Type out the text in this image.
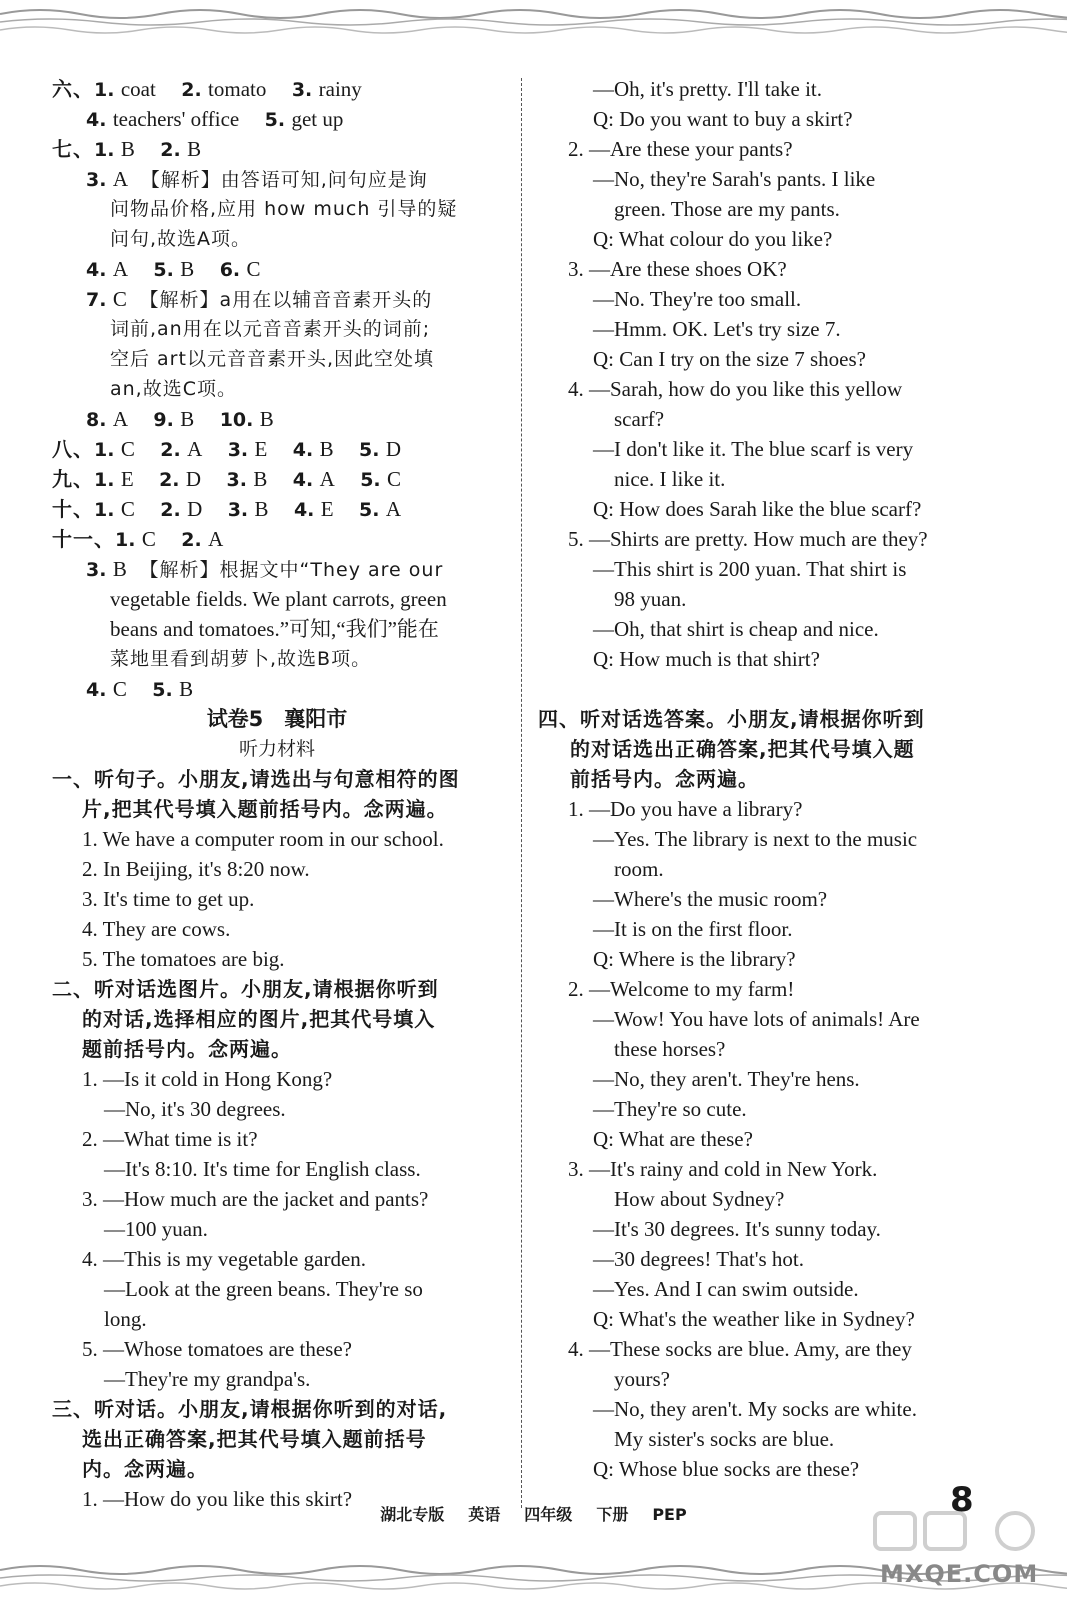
六、1. coat 2. tomato 3. rainy
4. teachers' office 5. get up
七、1. B 2. B
3. A 【解析】由答语可知,问句应是询
问物品价格,应用 how much 引导的疑
问句,故选A项。
4. A 5. B 6. C
7. C 【解析】a用在以辅音音素开头的
词前,an用在以元音音素开头的词前;
空后 art以元音音素开头,因此空处填
an,故选C项。
8. A 9. B 10. B
八、1. C 2. A 3. E 4. B 5. D
九、1. E 2. D 3. B 4. A 5. C
十、1. C 2. D 3. B 4. E 5. A
十一、1. C 2. A
3. B 【解析】根据文中“They are our
vegetable fields. We plant carrots, green
beans and tomatoes.”可知,“我们”能在
菜地里看到胡萝卜,故选B项。
4. C 5. B
试卷5　襄阳市
听力材料
一、听句子。小朋友,请选出与句意相符的图
片,把其代号填入题前括号内。念两遍。
1. We have a computer room in our school.
2. In Beijing, it's 8:20 now.
3. It's time to get up.
4. They are cows.
5. The tomatoes are big.
二、听对话选图片。小朋友,请根据你听到
的对话,选择相应的图片,把其代号填入
题前括号内。念两遍。
1. —Is it cold in Hong Kong?
—No, it's 30 degrees.
2. —What time is it?
—It's 8:10. It's time for English class.
3. —How much are the jacket and pants?
—100 yuan.
4. —This is my vegetable garden.
—Look at the green beans. They're so
long.
5. —Whose tomatoes are these?
—They're my grandpa's.
三、听对话。小朋友,请根据你听到的对话,
选出正确答案,把其代号填入题前括号
内。念两遍。
1. —How do you like this skirt?
—Oh, it's pretty. I'll take it.
Q: Do you want to buy a skirt?
2. —Are these your pants?
—No, they're Sarah's pants. I like
green. Those are my pants.
Q: What colour do you like?
3. —Are these shoes OK?
—No. They're too small.
—Hmm. OK. Let's try size 7.
Q: Can I try on the size 7 shoes?
4. —Sarah, how do you like this yellow
scarf?
—I don't like it. The blue scarf is very
nice. I like it.
Q: How does Sarah like the blue scarf?
5. —Shirts are pretty. How much are they?
—This shirt is 200 yuan. That shirt is
98 yuan.
—Oh, that shirt is cheap and nice.
Q: How much is that shirt?
四、听对话选答案。小朋友,请根据你听到
的对话选出正确答案,把其代号填入题
前括号内。念两遍。
1. —Do you have a library?
—Yes. The library is next to the music
room.
—Where's the music room?
—It is on the first floor.
Q: Where is the library?
2. —Welcome to my farm!
—Wow! You have lots of animals! Are
these horses?
—No, they aren't. They're hens.
—They're so cute.
Q: What are these?
3. —It's rainy and cold in New York.
How about Sydney?
—It's 30 degrees. It's sunny today.
—30 degrees! That's hot.
—Yes. And I can swim outside.
Q: What's the weather like in Sydney?
4. —These socks are blue. Amy, are they
yours?
—No, they aren't. My socks are white.
My sister's socks are blue.
Q: Whose blue socks are these?
湖北专版 英语 四年级 下册 PEP	8
MXQE.COM
